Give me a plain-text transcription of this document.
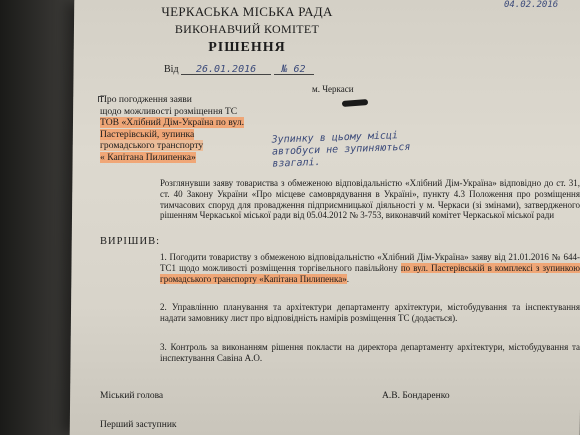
04.02.2016
ЧЕРКАСЬКА МІСЬКА РАДА
ВИКОНАВЧИЙ КОМІТЕТ
РІШЕННЯ
Від 26.01.2016	№ 62
м. Черкаси
Про погодження заяви
щодо можливості розміщення ТС
ТОВ «Хлібний Дім-Україна по вул.
Пастерівській, зупинка
громадського транспорту
« Капітана Пилипенка»
Зупинку в цьому місці автобуси не зупиняються взагалі.
Розглянувши заяву товариства з обмеженою відповідальністю «Хлібний Дім-Україна» відповідно до ст. 31, ст. 40 Закону України «Про місцеве самоврядування в Україні», пункту 4.3 Положення про розміщення тимчасових споруд для провадження підприємницької діяльності у м. Черкаси (зі змінами), затвердженого рішенням Черкаської міської ради від 05.04.2012 № 3-753, виконавчий комітет Черкаської міської ради
ВИРІШИВ:
1. Погодити товариству з обмеженою відповідальністю «Хлібний Дім-Україна» заяву від 21.01.2016 № 644-ТС1 щодо можливості розміщення торгівельного павільйону по вул. Пастерівській в комплексі з зупинкою громадського транспорту «Капітана Пилипенка».
2. Управлінню планування та архітектури департаменту архітектури, містобудування та інспектування надати замовнику лист про відповідність намірів розміщення ТС (додається).
3. Контроль за виконанням рішення покласти на директора департаменту архітектури, містобудування та інспектування Савіна А.О.
Міський голова	А.В. Бондаренко
Перший заступник
